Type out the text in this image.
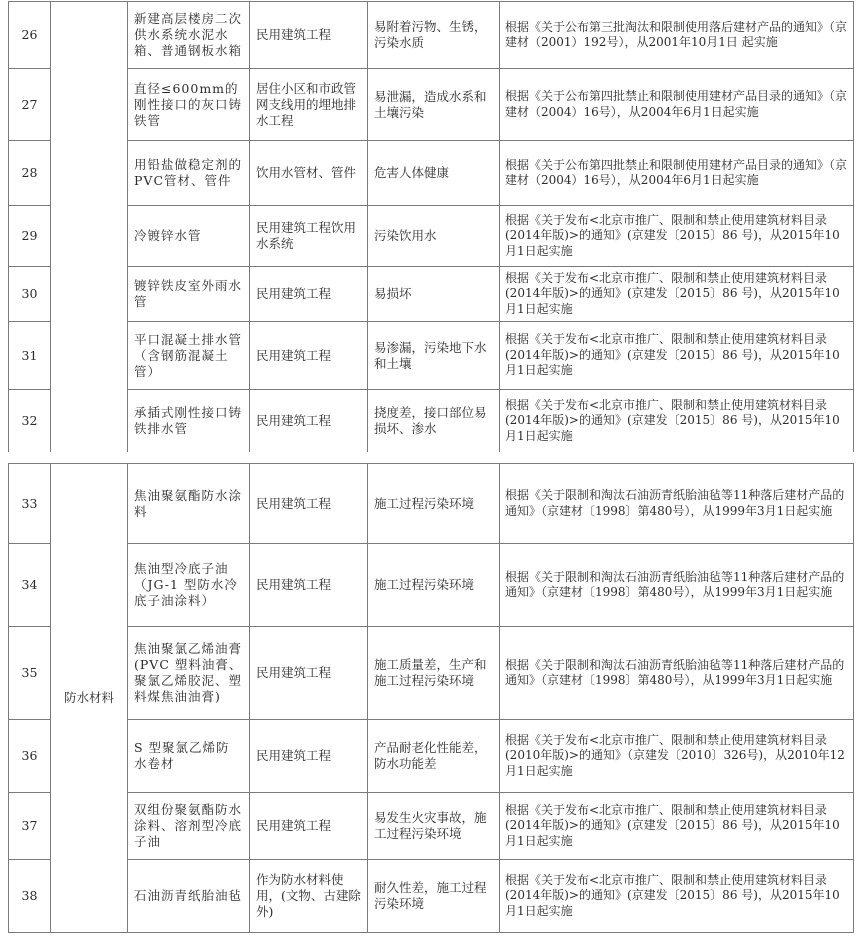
26		新建高层楼房二次供水系统水泥水箱、普通钢板水箱	民用建筑工程	易附着污物、生锈，污染水质	根据《关于公布第三批淘汰和限制使用落后建材产品的通知》（京建材（2001）192号），从2001年10月1日 起实施
27		直径≤600mm的刚性接口的灰口铸铁管	居住小区和市政管网支线用的埋地排水工程	易泄漏，造成水系和土壤污染	根据《关于公布第四批禁止和限制使用建材产品目录的通知》（京建材（2004）16号），从2004年6月1日起实施
28		用铅盐做稳定剂的PVC管材、管件	饮用水管材、管件	危害人体健康	根据《关于公布第四批禁止和限制使用建材产品目录的通知》（京建材（2004）16号），从2004年6月1日起实施
29		冷镀锌水管	民用建筑工程饮用水系统	污染饮用水	根据《关于发布<北京市推广、限制和禁止使用建筑材料目录(2014年版)>的通知》(京建发〔2015〕86 号)，从2015年10月1日起实施
30		镀锌铁皮室外雨水管	民用建筑工程	易损坏	根据《关于发布<北京市推广、限制和禁止使用建筑材料目录(2014年版)>的通知》(京建发〔2015〕86 号)，从2015年10月1日起实施
31		平口混凝土排水管（含钢筋混凝土管）	民用建筑工程	易渗漏，污染地下水和土壤	根据《关于发布<北京市推广、限制和禁止使用建筑材料目录(2014年版)>的通知》(京建发〔2015〕86 号)，从2015年10月1日起实施
32		承插式刚性接口铸铁排水管	民用建筑工程	挠度差，接口部位易损坏、渗水	根据《关于发布<北京市推广、限制和禁止使用建筑材料目录(2014年版)>的通知》(京建发〔2015〕86 号)，从2015年10月1日起实施
33	防水材料	焦油聚氨酯防水涂料	民用建筑工程	施工过程污染环境	根据《关于限制和淘汰石油沥青纸胎油毡等11种落后建材产品的通知》（京建材〔1998〕第480号），从1999年3月1日起实施
34		焦油型冷底子油（JG-1 型防水冷底子油涂料）	民用建筑工程	施工过程污染环境	根据《关于限制和淘汰石油沥青纸胎油毡等11种落后建材产品的通知》（京建材〔1998〕第480号），从1999年3月1日起实施
35		焦油聚氯乙烯油膏(PVC 塑料油膏、聚氯乙烯胶泥、塑料煤焦油油膏)	民用建筑工程	施工质量差，生产和施工过程污染环境	根据《关于限制和淘汰石油沥青纸胎油毡等11种落后建材产品的通知》（京建材〔1998〕第480号），从1999年3月1日起实施
36		S 型聚氯乙烯防水卷材	民用建筑工程	产品耐老化性能差，防水功能差	根据《关于发布<北京市推广、限制和禁止使用建筑材料目录(2010年版)>的通知》（京建发〔2010〕326号)，从2010年12月1日起实施
37		双组份聚氨酯防水涂料、溶剂型冷底子油	民用建筑工程	易发生火灾事故，施工过程污染环境	根据《关于发布<北京市推广、限制和禁止使用建筑材料目录(2014年版)>的通知》(京建发〔2015〕86 号)，从2015年10月1日起实施
38		石油沥青纸胎油毡	作为防水材料使用，(文物、古建除外)	耐久性差，施工过程污染环境	根据《关于发布<北京市推广、限制和禁止使用建筑材料目录(2014年版)>的通知》(京建发〔2015〕86 号)，从2015年10月1日起实施
